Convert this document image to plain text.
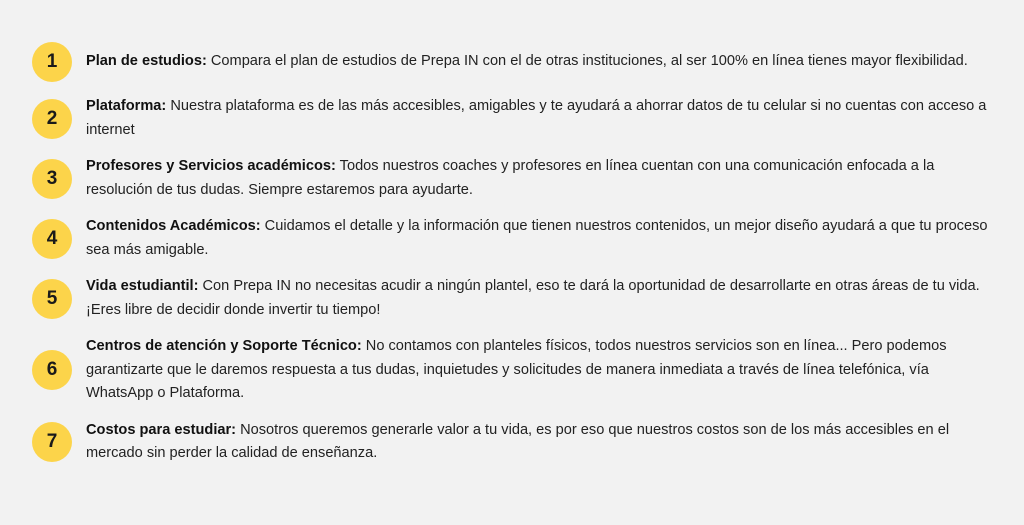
1	Plan de estudios: Compara el plan de estudios de Prepa IN con el de otras instituciones, al ser 100% en línea tienes mayor flexibilidad.
2
Plataforma: Nuestra plataforma es de las más accesibles, amigables y te ayudará a ahorrar datos de tu celular si no cuentas con acceso a internet
3
Profesores y Servicios académicos: Todos nuestros coaches y profesores en línea cuentan con una comunicación enfocada a la resolución de tus dudas. Siempre estaremos para ayudarte.
4
Contenidos Académicos: Cuidamos el detalle y la información que tienen nuestros contenidos, un mejor diseño ayudará a que tu proceso sea más amigable.
5
Vida estudiantil: Con Prepa IN no necesitas acudir a ningún plantel, eso te dará la oportunidad de desarrollarte en otras áreas de tu vida. ¡Eres libre de decidir donde invertir tu tiempo!
6
Centros de atención y Soporte Técnico: No contamos con planteles físicos, todos nuestros servicios son en línea... Pero podemos garantizarte que le daremos respuesta a tus dudas, inquietudes y solicitudes de manera inmediata a través de línea telefónica, vía WhatsApp o Plataforma.
7
Costos para estudiar: Nosotros queremos generarle valor a tu vida, es por eso que nuestros costos son de los más accesibles en el mercado sin perder la calidad de enseñanza.
